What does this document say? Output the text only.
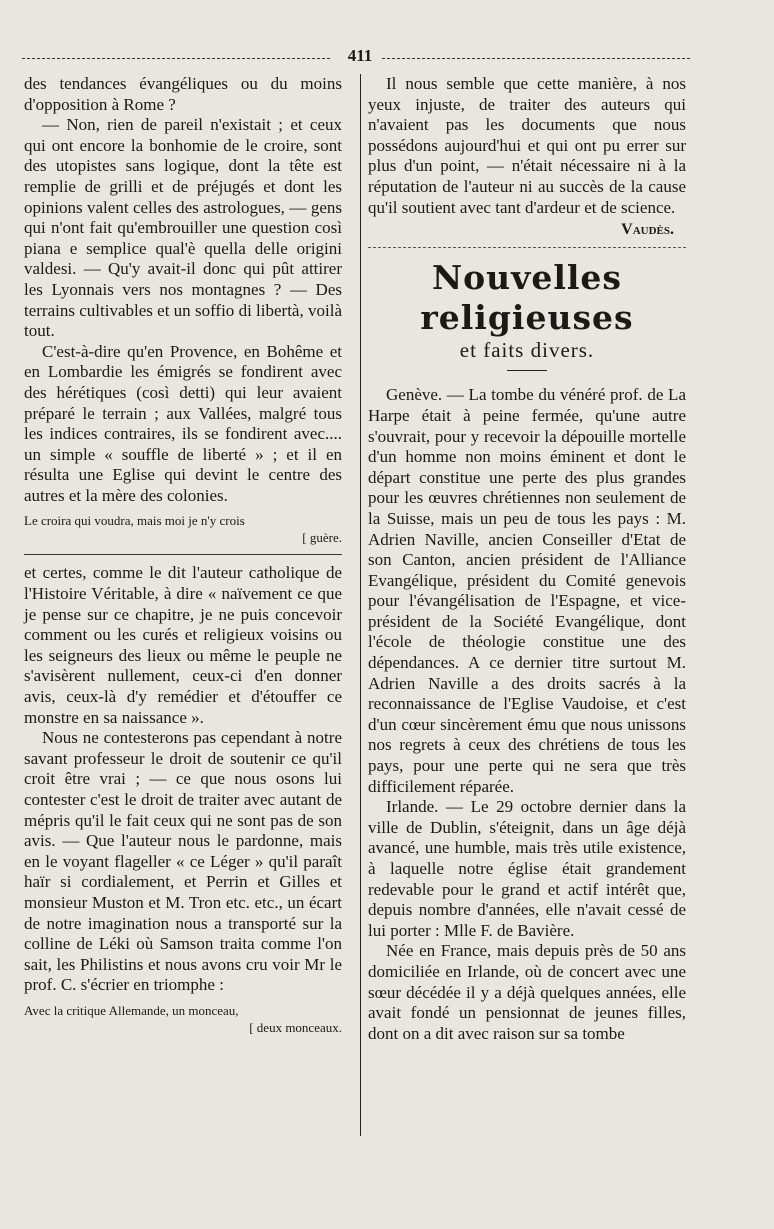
411

des tendances évangéliques ou du moins d'opposition à Rome ?

— Non, rien de pareil n'existait ; et ceux qui ont encore la bonhomie de le croire, sont des utopistes sans logique, dont la tête est remplie de grilli et de préjugés et dont les opinions valent celles des astrologues, — gens qui n'ont fait qu'embrouiller une question così piana e semplice qual'è quella delle origini valdesi. — Qu'y avait-il donc qui pût attirer les Lyonnais vers nos montagnes ? — Des terrains cultivables et un soffio di libertà, voilà tout.

C'est-à-dire qu'en Provence, en Bohême et en Lombardie les émigrés se fondirent avec des hérétiques (così detti) qui leur avaient préparé le terrain ; aux Vallées, malgré tous les indices contraires, ils se fondirent avec.... un simple « souffle de liberté » ; et il en résulta une Eglise qui devint le centre des autres et la mère des colonies.

Le croira qui voudra, mais moi je n'y crois
[ guère.

et certes, comme le dit l'auteur catholique de l'Histoire Véritable, à dire « naïvement ce que je pense sur ce chapitre, je ne puis concevoir comment ou les curés et religieux voisins ou les seigneurs des lieux ou même le peuple ne s'avisèrent nullement, ceux-ci d'en donner avis, ceux-là d'y remédier et d'étouffer ce monstre en sa naissance ».

Nous ne contesterons pas cependant à notre savant professeur le droit de soutenir ce qu'il croit être vrai ; — ce que nous osons lui contester c'est le droit de traiter avec autant de mépris qu'il le fait ceux qui ne sont pas de son avis. — Que l'auteur nous le pardonne, mais en le voyant flageller « ce Léger » qu'il paraît haïr si cordialement, et Perrin et Gilles et monsieur Muston et M. Tron etc. etc., un écart de notre imagination nous a transporté sur la colline de Léki où Samson traita comme l'on sait, les Philistins et nous avons cru voir Mr le prof. C. s'écrier en triomphe :

Avec la critique Allemande, un monceau,
[ deux monceaux.

Il nous semble que cette manière, à nos yeux injuste, de traiter des auteurs qui n'avaient pas les documents que nous possédons aujourd'hui et qui ont pu errer sur plus d'un point, — n'était nécessaire ni à la réputation de l'auteur ni au succès de la cause qu'il soutient avec tant d'ardeur et de science.

Vaudès.
Nouvelles religieuses
et faits divers.

Genève. — La tombe du vénéré prof. de La Harpe était à peine fermée, qu'une autre s'ouvrait, pour y recevoir la dépouille mortelle d'un homme non moins éminent et dont le départ constitue une perte des plus grandes pour les œuvres chrétiennes non seulement de la Suisse, mais un peu de tous les pays : M. Adrien Naville, ancien Conseiller d'Etat de son Canton, ancien président de l'Alliance Evangélique, président du Comité genevois pour l'évangélisation de l'Espagne, et vice-président de la Société Evangélique, dont l'école de théologie constitue une des dépendances. A ce dernier titre surtout M. Adrien Naville a des droits sacrés à la reconnaissance de l'Eglise Vaudoise, et c'est d'un cœur sincèrement ému que nous unissons nos regrets à ceux des chrétiens de tous les pays, pour une perte qui ne sera que très difficilement réparée.

Irlande. — Le 29 octobre dernier dans la ville de Dublin, s'éteignit, dans un âge déjà avancé, une humble, mais très utile existence, à laquelle notre église était grandement redevable pour le grand et actif intérêt que, depuis nombre d'années, elle n'avait cessé de lui porter : Mlle F. de Bavière.

Née en France, mais depuis près de 50 ans domiciliée en Irlande, où de concert avec une sœur décédée il y a déjà quelques années, elle avait fondé un pensionnat de jeunes filles, dont on a dit avec raison sur sa tombe
